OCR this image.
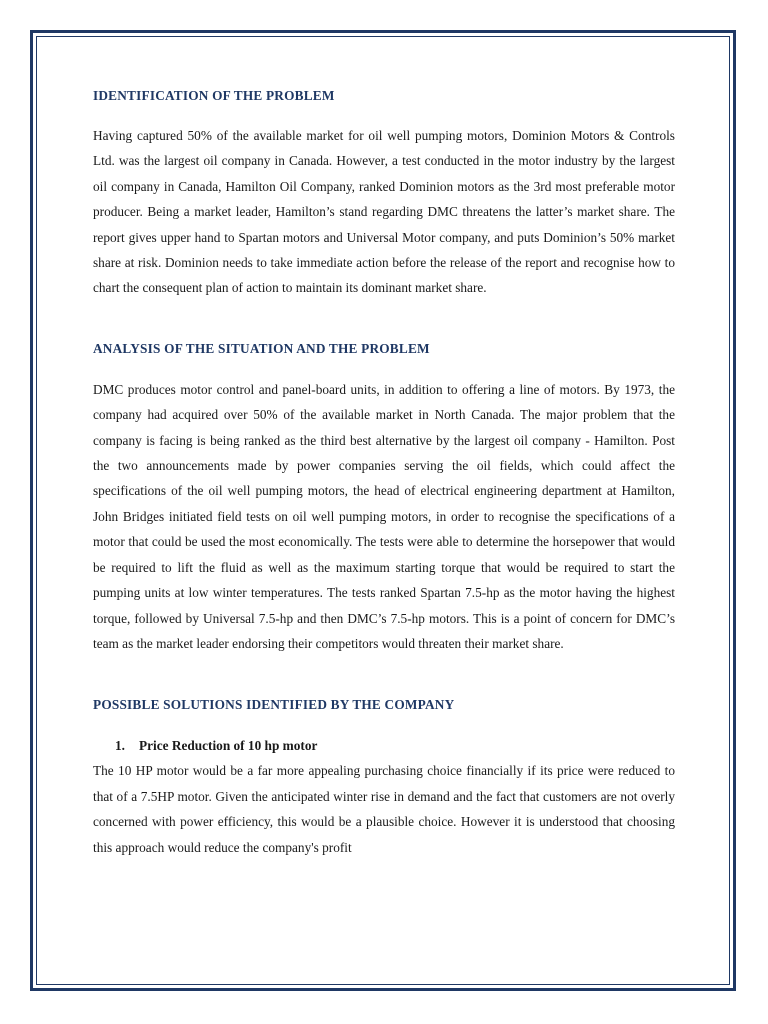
IDENTIFICATION OF THE PROBLEM

Having captured 50% of the available market for oil well pumping motors, Dominion Motors & Controls Ltd. was the largest oil company in Canada. However, a test conducted in the motor industry by the largest oil company in Canada, Hamilton Oil Company, ranked Dominion motors as the 3rd most preferable motor producer. Being a market leader, Hamilton’s stand regarding DMC threatens the latter’s market share. The report gives upper hand to Spartan motors and Universal Motor company, and puts Dominion’s 50% market share at risk. Dominion needs to take immediate action before the release of the report and recognise how to chart the consequent plan of action to maintain its dominant market share.

ANALYSIS OF THE SITUATION AND THE PROBLEM

DMC produces motor control and panel-board units, in addition to offering a line of motors. By 1973, the company had acquired over 50% of the available market in North Canada. The major problem that the company is facing is being ranked as the third best alternative by the largest oil company - Hamilton. Post the two announcements made by power companies serving the oil fields, which could affect the specifications of the oil well pumping motors, the head of electrical engineering department at Hamilton, John Bridges initiated field tests on oil well pumping motors, in order to recognise the specifications of a motor that could be used the most economically. The tests were able to determine the horsepower that would be required to lift the fluid as well as the maximum starting torque that would be required to start the pumping units at low winter temperatures. The tests ranked Spartan 7.5-hp as the motor having the highest torque, followed by Universal 7.5-hp and then DMC’s 7.5-hp motors. This is a point of concern for DMC’s team as the market leader endorsing their competitors would threaten their market share.

POSSIBLE SOLUTIONS IDENTIFIED BY THE COMPANY
1.	Price Reduction of 10 hp motor

The 10 HP motor would be a far more appealing purchasing choice financially if its price were reduced to that of a 7.5HP motor. Given the anticipated winter rise in demand and the fact that customers are not overly concerned with power efficiency, this would be a plausible choice. However it is understood that choosing this approach would reduce the company's profit
